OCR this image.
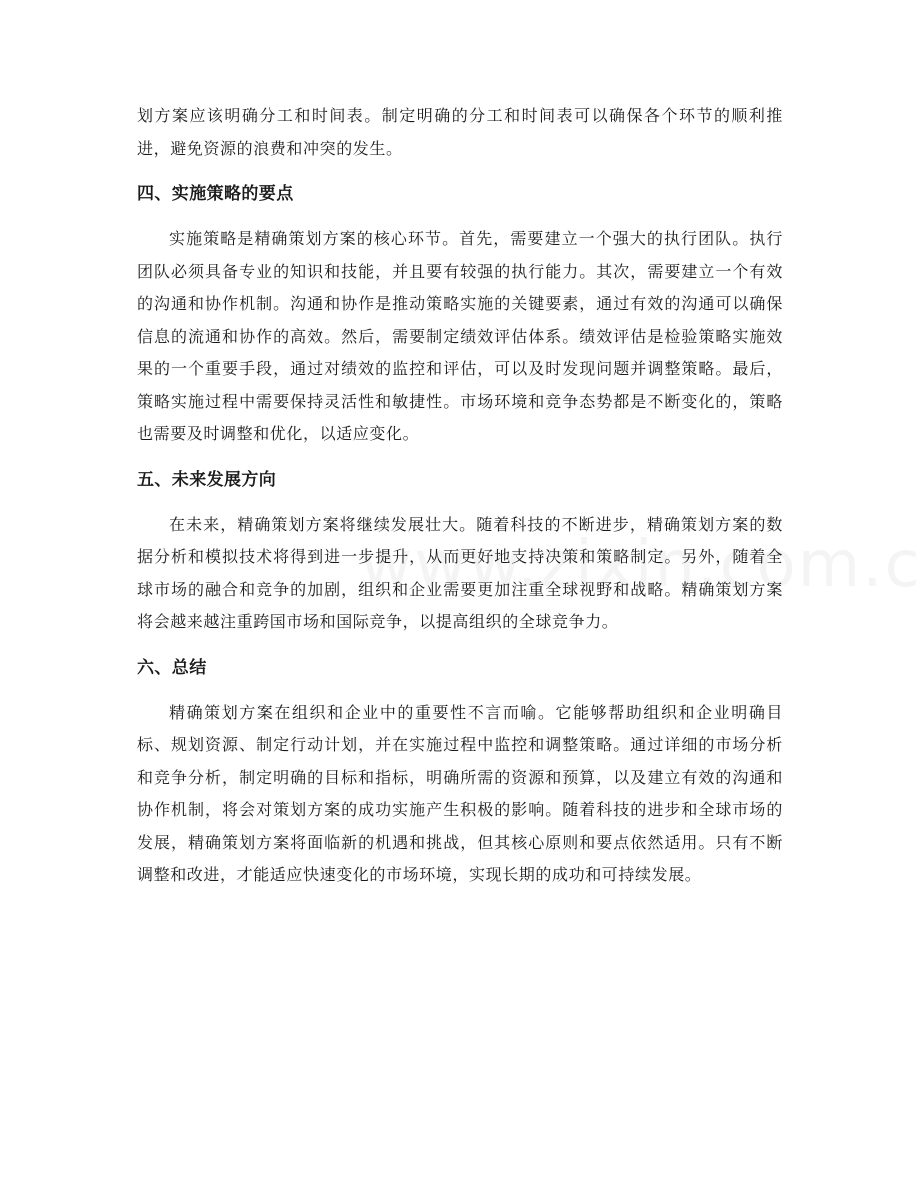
划方案应该明确分工和时间表。制定明确的分工和时间表可以确保各个环节的顺利推进，避免资源的浪费和冲突的发生。

四、实施策略的要点

实施策略是精确策划方案的核心环节。首先，需要建立一个强大的执行团队。执行团队必须具备专业的知识和技能，并且要有较强的执行能力。其次，需要建立一个有效的沟通和协作机制。沟通和协作是推动策略实施的关键要素，通过有效的沟通可以确保信息的流通和协作的高效。然后，需要制定绩效评估体系。绩效评估是检验策略实施效果的一个重要手段，通过对绩效的监控和评估，可以及时发现问题并调整策略。最后，策略实施过程中需要保持灵活性和敏捷性。市场环境和竞争态势都是不断变化的，策略也需要及时调整和优化，以适应变化。

五、未来发展方向

在未来，精确策划方案将继续发展壮大。随着科技的不断进步，精确策划方案的数据分析和模拟技术将得到进一步提升，从而更好地支持决策和策略制定。另外，随着全球市场的融合和竞争的加剧，组织和企业需要更加注重全球视野和战略。精确策划方案将会越来越注重跨国市场和国际竞争，以提高组织的全球竞争力。

六、总结

精确策划方案在组织和企业中的重要性不言而喻。它能够帮助组织和企业明确目标、规划资源、制定行动计划，并在实施过程中监控和调整策略。通过详细的市场分析和竞争分析，制定明确的目标和指标，明确所需的资源和预算，以及建立有效的沟通和协作机制，将会对策划方案的成功实施产生积极的影响。随着科技的进步和全球市场的发展，精确策划方案将面临新的机遇和挑战，但其核心原则和要点依然适用。只有不断调整和改进，才能适应快速变化的市场环境，实现长期的成功和可持续发展。
